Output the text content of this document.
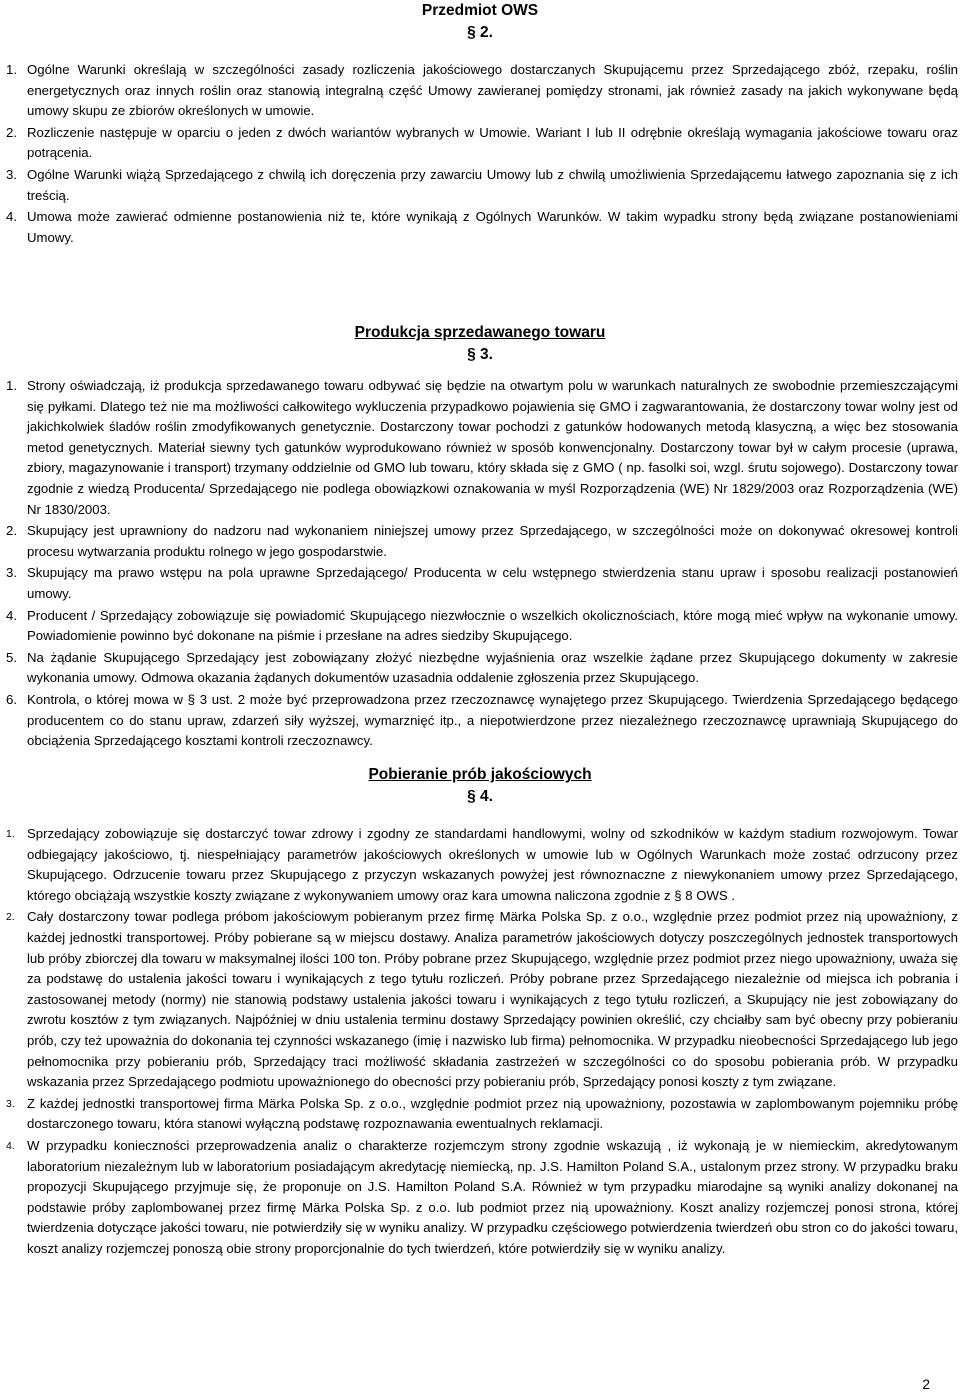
Przedmiot OWS
§ 2.
1. Ogólne Warunki określają w szczególności zasady rozliczenia jakościowego dostarczanych Skupującemu przez Sprzedającego zbóż, rzepaku, roślin energetycznych oraz innych roślin oraz stanowią integralną część Umowy zawieranej pomiędzy stronami, jak również zasady na jakich wykonywane będą umowy skupu ze zbiorów określonych w umowie.
2. Rozliczenie następuje w oparciu o jeden z dwóch wariantów wybranych w Umowie. Wariant I lub II odrębnie określają wymagania jakościowe towaru oraz potrącenia.
3. Ogólne Warunki wiążą Sprzedającego z chwilą ich doręczenia przy zawarciu Umowy lub z chwilą umożliwienia Sprzedającemu łatwego zapoznania się z ich treścią.
4. Umowa może zawierać odmienne postanowienia niż te, które wynikają z Ogólnych Warunków. W takim wypadku strony będą związane postanowieniami Umowy.
Produkcja sprzedawanego towaru
§ 3.
1. Strony oświadczają, iż produkcja sprzedawanego towaru odbywać się będzie na otwartym polu w warunkach naturalnych ze swobodnie przemieszczającymi się pyłkami. Dlatego też nie ma możliwości całkowitego wykluczenia przypadkowo pojawienia się GMO i zagwarantowania, że dostarczony towar wolny jest od jakichkolwiek śladów roślin zmodyfikowanych genetycznie. Dostarczony towar pochodzi z gatunków hodowanych metodą klasyczną, a więc bez stosowania metod genetycznych. Materiał siewny tych gatunków wyprodukowano również w sposób konwencjonalny. Dostarczony towar był w całym procesie (uprawa, zbiory, magazynowanie i transport) trzymany oddzielnie od GMO lub towaru, który składa się z GMO ( np. fasolki soi, wzgl. śrutu sojowego). Dostarczony towar zgodnie z wiedzą Producenta/ Sprzedającego nie podlega obowiązkowi oznakowania w myśl Rozporządzenia (WE) Nr 1829/2003 oraz Rozporządzenia (WE) Nr 1830/2003.
2. Skupujący jest uprawniony do nadzoru nad wykonaniem niniejszej umowy przez Sprzedającego, w szczególności może on dokonywać okresowej kontroli procesu wytwarzania produktu rolnego w jego gospodarstwie.
3. Skupujący ma prawo wstępu na pola uprawne Sprzedającego/ Producenta w celu wstępnego stwierdzenia stanu upraw i sposobu realizacji postanowień umowy.
4. Producent / Sprzedający zobowiązuje się powiadomić Skupującego niezwłocznie o wszelkich okolicznościach, które mogą mieć wpływ na wykonanie umowy. Powiadomienie powinno być dokonane na piśmie i przesłane na adres siedziby Skupującego.
5. Na żądanie Skupującego Sprzedający jest zobowiązany złożyć niezbędne wyjaśnienia oraz wszelkie żądane przez Skupującego dokumenty w zakresie wykonania umowy. Odmowa okazania żądanych dokumentów uzasadnia oddalenie zgłoszenia przez Skupującego.
6. Kontrola, o której mowa w § 3 ust. 2 może być przeprowadzona przez rzeczoznawcę wynajętego przez Skupującego. Twierdzenia Sprzedającego będącego producentem co do stanu upraw, zdarzeń siły wyższej, wymarznięć itp., a niepotwierdzone przez niezależnego rzeczoznawcę uprawniają Skupującego do obciążenia Sprzedającego kosztami kontroli rzeczoznawcy.
Pobieranie prób jakościowych
§ 4.
1. Sprzedający zobowiązuje się dostarczyć towar zdrowy i zgodny ze standardami handlowymi, wolny od szkodników w każdym stadium rozwojowym. Towar odbiegający jakościowo, tj. niespełniający parametrów jakościowych określonych w umowie lub w Ogólnych Warunkach może zostać odrzucony przez Skupującego. Odrzucenie towaru przez Skupującego z przyczyn wskazanych powyżej jest równoznaczne z niewykonaniem umowy przez Sprzedającego, którego obciążają wszystkie koszty związane z wykonywaniem umowy oraz kara umowna naliczona zgodnie z § 8 OWS .
2. Cały dostarczony towar podlega próbom jakościowym pobieranym przez firmę Märka Polska Sp. z o.o., względnie przez podmiot przez nią upoważniony, z każdej jednostki transportowej. Próby pobierane są w miejscu dostawy. Analiza parametrów jakościowych dotyczy poszczególnych jednostek transportowych lub próby zbiorczej dla towaru w maksymalnej ilości 100 ton. Próby pobrane przez Skupującego, względnie przez podmiot przez niego upoważniony, uważa się za podstawę do ustalenia jakości towaru i wynikających z tego tytułu rozliczeń. Próby pobrane przez Sprzedającego niezależnie od miejsca ich pobrania i zastosowanej metody (normy) nie stanowią podstawy ustalenia jakości towaru i wynikających z tego tytułu rozliczeń, a Skupujący nie jest zobowiązany do zwrotu kosztów z tym związanych. Najpóźniej w dniu ustalenia terminu dostawy Sprzedający powinien określić, czy chciałby sam być obecny przy pobieraniu prób, czy też upoważnia do dokonania tej czynności wskazanego (imię i nazwisko lub firma) pełnomocnika. W przypadku nieobecności Sprzedającego lub jego pełnomocnika przy pobieraniu prób, Sprzedający traci możliwość składania zastrzeżeń w szczególności co do sposobu pobierania prób. W przypadku wskazania przez Sprzedającego podmiotu upoważnionego do obecności przy pobieraniu prób, Sprzedający ponosi koszty z tym związane.
3. Z każdej jednostki transportowej firma Märka Polska Sp. z o.o., względnie podmiot przez nią upoważniony, pozostawia w zaplombowanym pojemniku próbę dostarczonego towaru, która stanowi wyłączną podstawę rozpoznawania ewentualnych reklamacji.
4. W przypadku konieczności przeprowadzenia analiz o charakterze rozjemczym strony zgodnie wskazują , iż wykonają je w niemieckim, akredytowanym laboratorium niezależnym lub w laboratorium posiadającym akredytację niemiecką, np. J.S. Hamilton Poland S.A., ustalonym przez strony. W przypadku braku propozycji Skupującego przyjmuje się, że proponuje on J.S. Hamilton Poland S.A. Również w tym przypadku miarodajne są wyniki analizy dokonanej na podstawie próby zaplombowanej przez firmę Märka Polska Sp. z o.o. lub podmiot przez nią upoważniony. Koszt analizy rozjemczej ponosi strona, której twierdzenia dotyczące jakości towaru, nie potwierdziły się w wyniku analizy. W przypadku częściowego potwierdzenia twierdzeń obu stron co do jakości towaru, koszt analizy rozjemczej ponoszą obie strony proporcjonalnie do tych twierdzeń, które potwierdziły się w wyniku analizy.
2
